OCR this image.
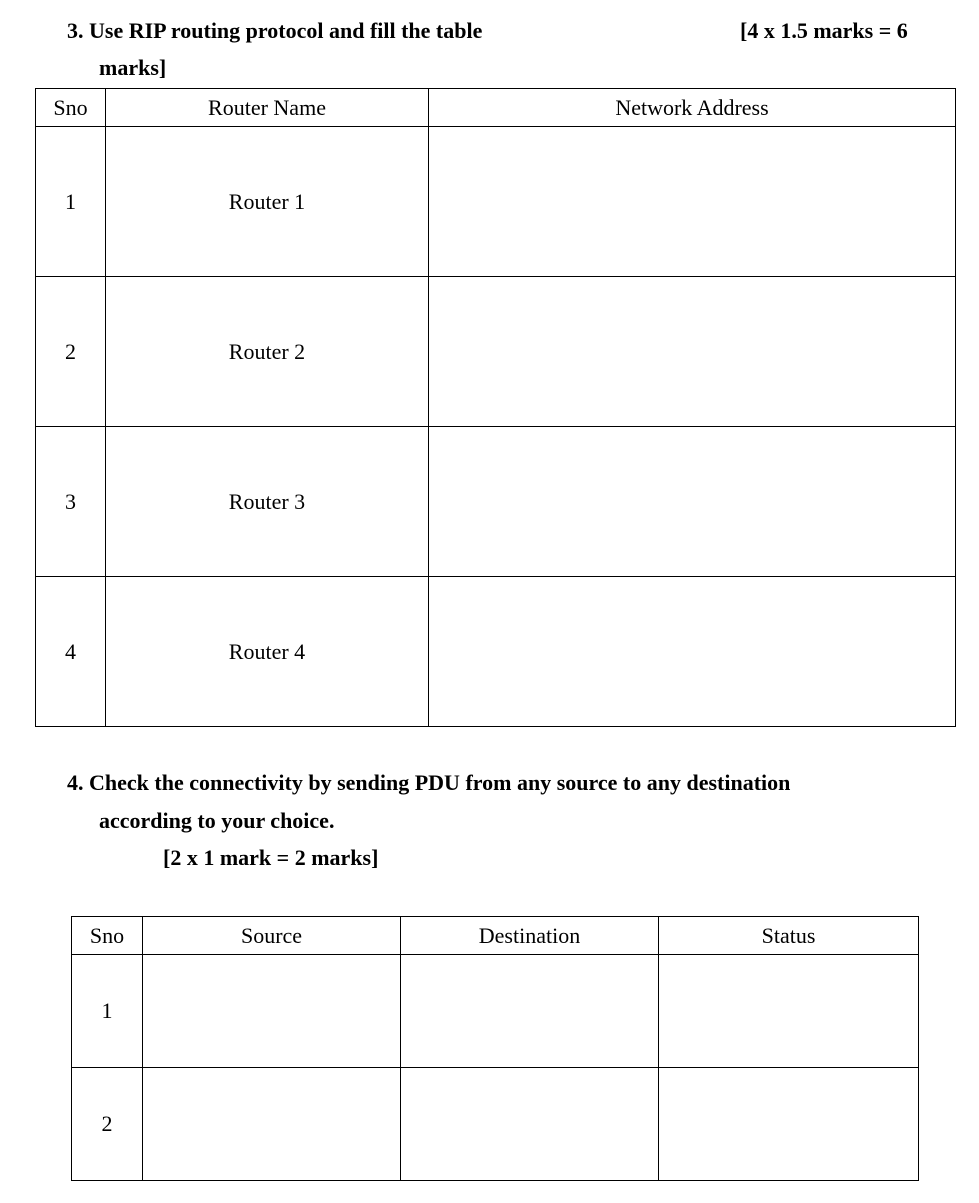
3. Use RIP routing protocol and fill the table	[4 x 1.5 marks = 6
marks]
Sno	Router Name	Network Address
1	Router 1	
2	Router 2	
3	Router 3	
4	Router 4	
4. Check the connectivity by sending PDU from any source to any destination
according to your choice.
[2 x 1 mark = 2 marks]
Sno	Source	Destination	Status
1			
2			
